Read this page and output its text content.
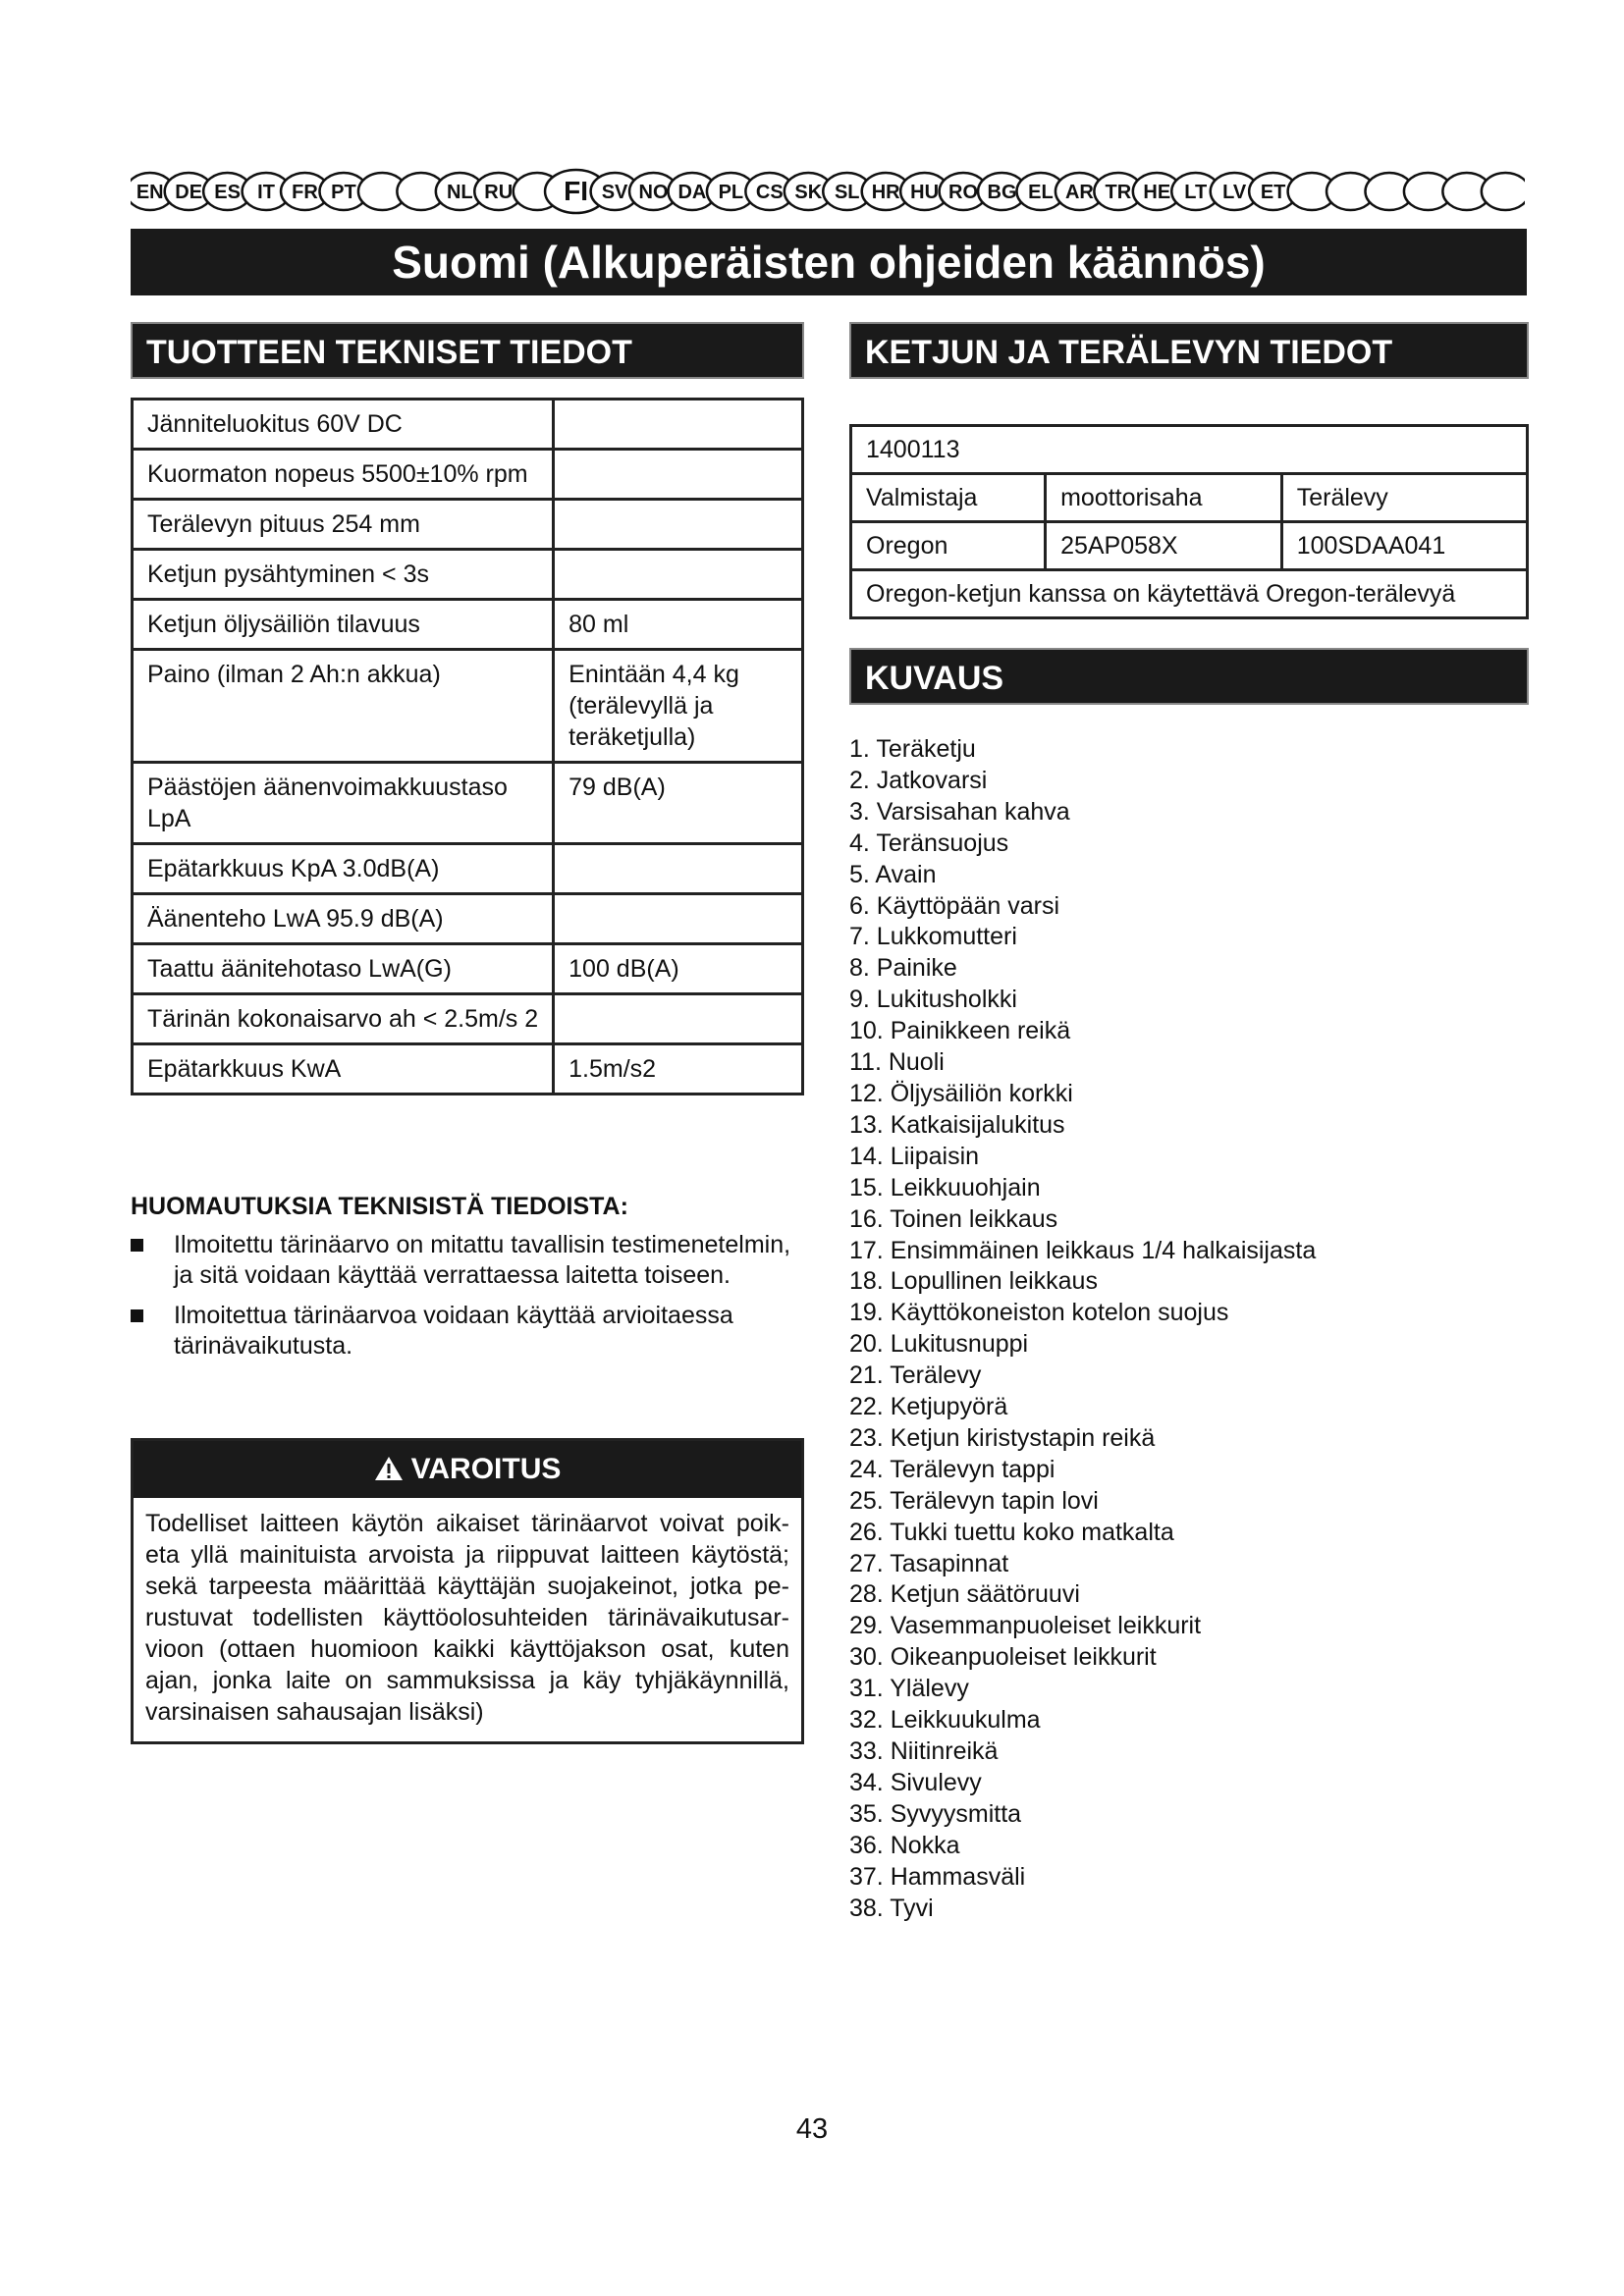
EN DE ES IT FR PT	NL RU FI SV NO DA PL CS SK SL HR HU RO BG EL AR TR HE LT LV ET
Suomi (Alkuperäisten ohjeiden käännös)
TUOTTEEN TEKNISET TIEDOT
Jänniteluokitus 60V DC	
Kuormaton nopeus 5500±10% rpm	
Terälevyn pituus 254 mm	
Ketjun pysähtyminen < 3s	
Ketjun öljysäiliön tilavuus	80 ml
Paino (ilman 2 Ah:n akkua)	Enintään 4,4 kg (terälevyllä ja teräketjulla)
Päästöjen äänenvoimakkuustaso LpA	79 dB(A)
Epätarkkuus KpA 3.0dB(A)	
Äänenteho LwA 95.9 dB(A)	
Taattu äänitehotaso LwA(G)	100 dB(A)
Tärinän kokonaisarvo ah < 2.5m/s 2	
Epätarkkuus KwA	1.5m/s2
HUOMAUTUKSIA TEKNISISTÄ TIEDOISTA:
Ilmoitettu tärinäarvo on mitattu tavallisin testimenetelmin, ja sitä voidaan käyttää verrattaessa laitetta toiseen.
Ilmoitettua tärinäarvoa voidaan käyttää arvioitaessa tärinävaikutusta.
VAROITUS
Todelliset laitteen käytön aikaiset tärinäarvot voivat poik-eta yllä mainituista arvoista ja riippuvat laitteen käytöstä; sekä tarpeesta määrittää käyttäjän suojakeinot, jotka pe-rustuvat todellisten käyttöolosuhteiden tärinävaikutusar-vioon (ottaen huomioon kaikki käyttöjakson osat, kuten ajan, jonka laite on sammuksissa ja käy tyhjäkäynnillä, varsinaisen sahausajan lisäksi)
KETJUN JA TERÄLEVYN TIEDOT
1400113		
Valmistaja	moottorisaha	Terälevy
Oregon	25AP058X	100SDAA041
Oregon-ketjun kanssa on käytettävä Oregon-terälevyä		
KUVAUS
1. Teräketju
2. Jatkovarsi
3. Varsisahan kahva
4. Teränsuojus
5. Avain
6. Käyttöpään varsi
7. Lukkomutteri
8. Painike
9. Lukitusholkki
10. Painikkeen reikä
11. Nuoli
12. Öljysäiliön korkki
13. Katkaisijalukitus
14. Liipaisin
15. Leikkuuohjain
16. Toinen leikkaus
17. Ensimmäinen leikkaus 1/4 halkaisijasta
18. Lopullinen leikkaus
19. Käyttökoneiston kotelon suojus
20. Lukitusnuppi
21. Terälevy
22. Ketjupyörä
23. Ketjun kiristystapin reikä
24. Terälevyn tappi
25. Terälevyn tapin lovi
26. Tukki tuettu koko matkalta
27. Tasapinnat
28. Ketjun säätöruuvi
29. Vasemmanpuoleiset leikkurit
30. Oikeanpuoleiset leikkurit
31. Ylälevy
32. Leikkuukulma
33. Niitinreikä
34. Sivulevy
35. Syvyysmitta
36. Nokka
37. Hammasväli
38. Tyvi
43
